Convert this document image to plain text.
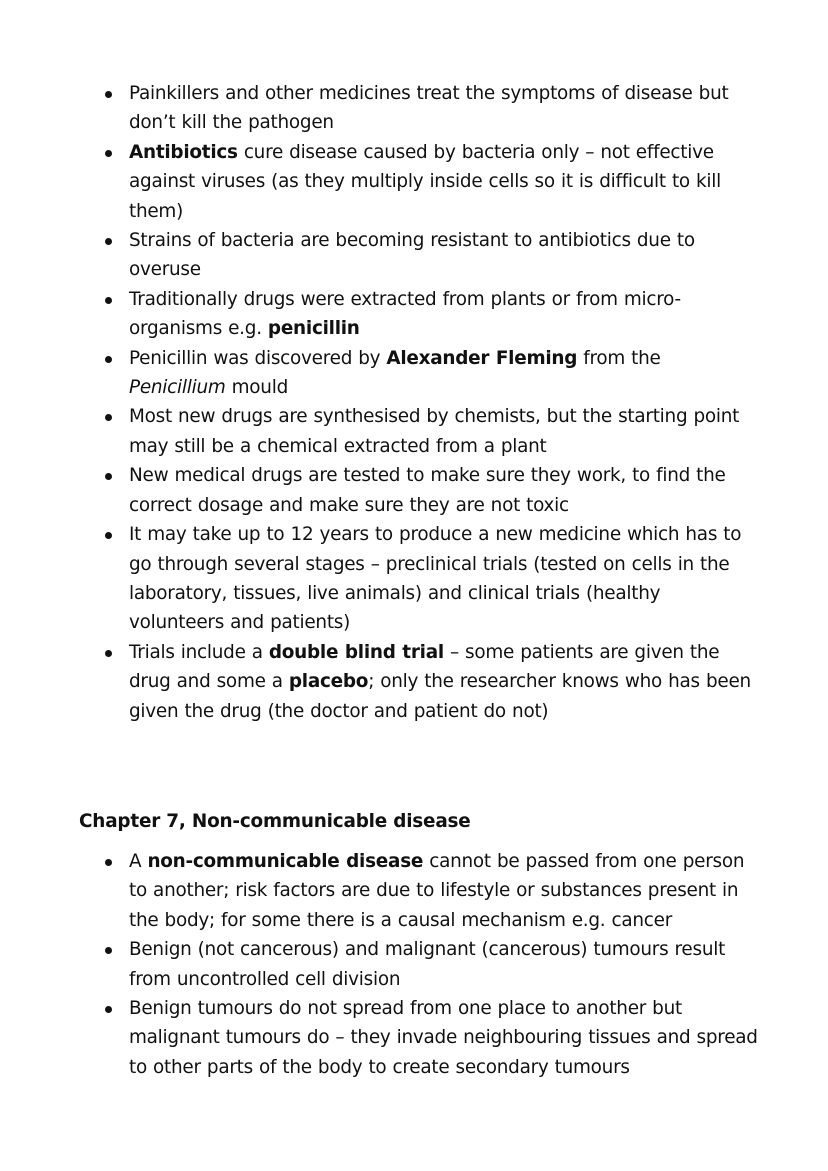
Painkillers and other medicines treat the symptoms of disease but don’t kill the pathogen
Antibiotics cure disease caused by bacteria only – not effective against viruses (as they multiply inside cells so it is difficult to kill them)
Strains of bacteria are becoming resistant to antibiotics due to overuse
Traditionally drugs were extracted from plants or from micro-organisms e.g. penicillin
Penicillin was discovered by Alexander Fleming from the Penicillium mould
Most new drugs are synthesised by chemists, but the starting point may still be a chemical extracted from a plant
New medical drugs are tested to make sure they work, to find the correct dosage and make sure they are not toxic
It may take up to 12 years to produce a new medicine which has to go through several stages – preclinical trials (tested on cells in the laboratory, tissues, live animals) and clinical trials (healthy volunteers and patients)
Trials include a double blind trial – some patients are given the drug and some a placebo; only the researcher knows who has been given the drug (the doctor and patient do not)
Chapter 7, Non-communicable disease
A non-communicable disease cannot be passed from one person to another; risk factors are due to lifestyle or substances present in the body; for some there is a causal mechanism e.g. cancer
Benign (not cancerous) and malignant (cancerous) tumours result from uncontrolled cell division
Benign tumours do not spread from one place to another but malignant tumours do – they invade neighbouring tissues and spread to other parts of the body to create secondary tumours
